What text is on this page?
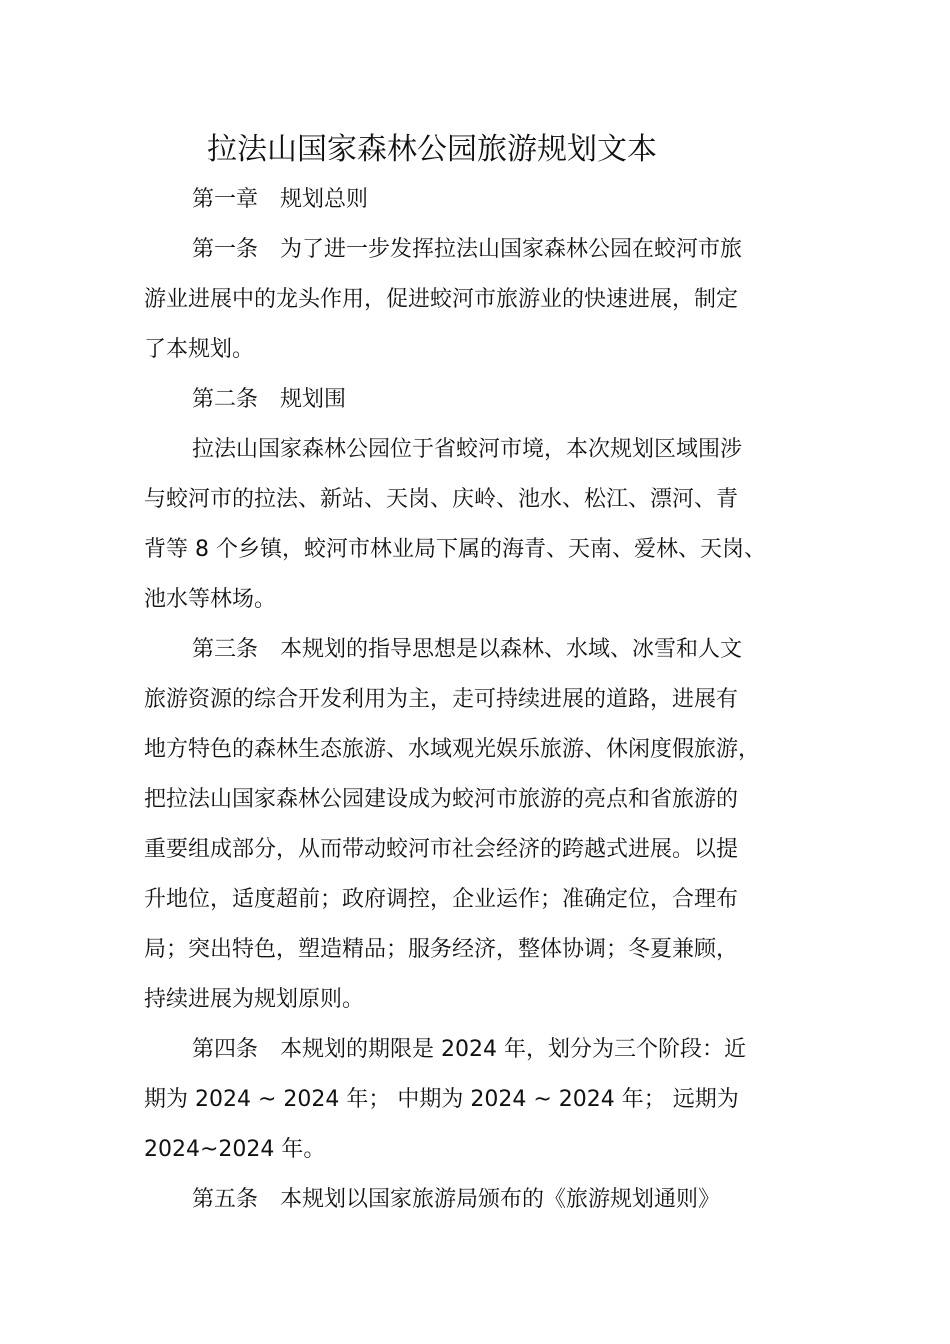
拉法山国家森林公园旅游规划文本
第一章　规划总则
第一条　为了进一步发挥拉法山国家森林公园在蛟河市旅
游业进展中的龙头作用，促进蛟河市旅游业的快速进展，制定
了本规划。
第二条　规划围
拉法山国家森林公园位于省蛟河市境，本次规划区域围涉
与蛟河市的拉法、新站、天岗、庆岭、池水、松江、漂河、青
背等 8 个乡镇，蛟河市林业局下属的海青、天南、爱林、天岗、
池水等林场。
第三条　本规划的指导思想是以森林、水域、冰雪和人文
旅游资源的综合开发利用为主，走可持续进展的道路，进展有
地方特色的森林生态旅游、水域观光娱乐旅游、休闲度假旅游，
把拉法山国家森林公园建设成为蛟河市旅游的亮点和省旅游的
重要组成部分，从而带动蛟河市社会经济的跨越式进展。以提
升地位，适度超前；政府调控，企业运作；准确定位，合理布
局；突出特色，塑造精品；服务经济，整体协调；冬夏兼顾，
持续进展为规划原则。
第四条　本规划的期限是 2024 年，划分为三个阶段：近
期为 2024 ~ 2024 年； 中期为 2024 ~ 2024 年； 远期为
2024~2024 年。
第五条　本规划以国家旅游局颁布的《旅游规划通则》
